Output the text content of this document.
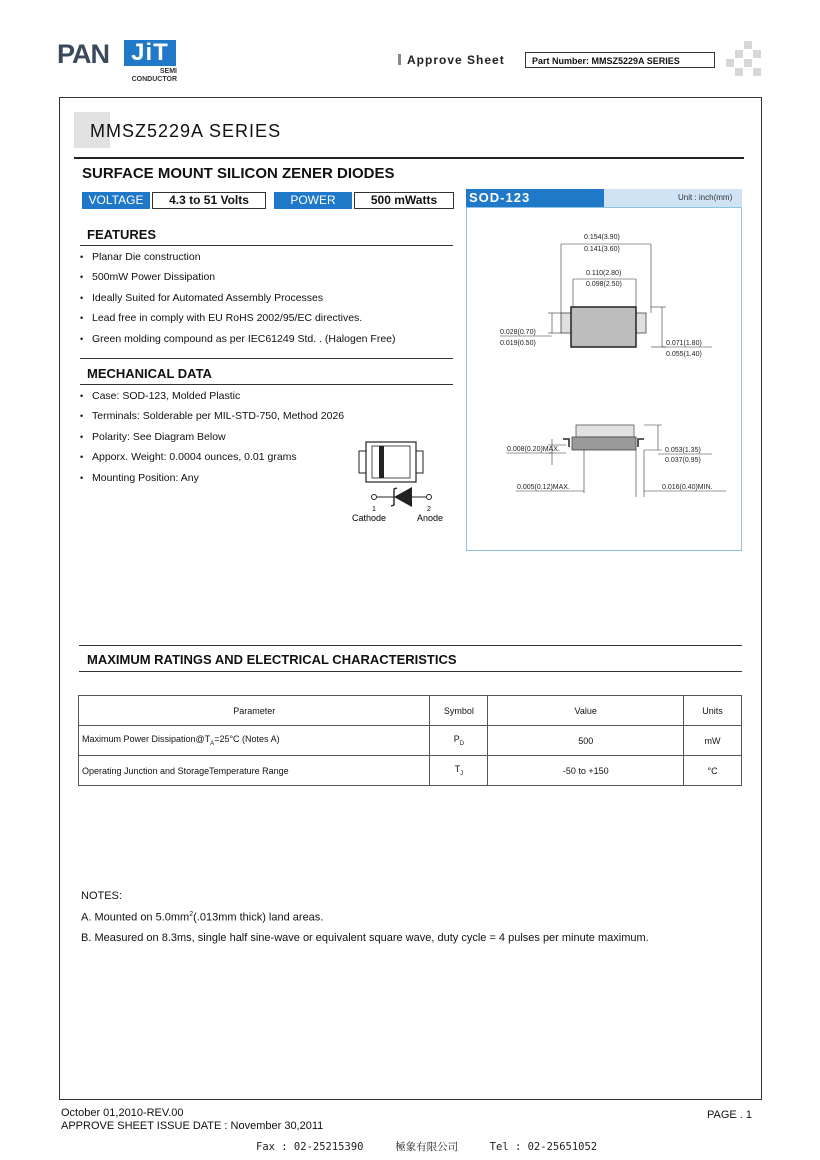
PAN JiT
SEMI
CONDUCTOR
Approve Sheet	Part Number: MMSZ5229A SERIES
MMSZ5229A SERIES
SURFACE MOUNT SILICON ZENER DIODES
VOLTAGE	4.3 to 51 Volts	POWER	500 mWatts
FEATURES
• Planar Die construction
• 500mW Power Dissipation
• Ideally Suited for Automated Assembly Processes
• Lead free in comply with EU RoHS 2002/95/EC directives.
• Green molding compound as per IEC61249 Std. . (Halogen Free)
MECHANICAL DATA
• Case: SOD-123, Molded Plastic
• Terminals: Solderable per MIL-STD-750, Method 2026
• Polarity: See Diagram Below
• Apporx. Weight: 0.0004 ounces, 0.01 grams
• Mounting Position: Any
1	2
Cathode	Anode
SOD-123	Unit : inch(mm)
0.154(3.90)
0.141(3.60)
0.110(2.80)
0.098(2.50)
0.028(0.70)
0.019(0.50)	0.071(1.80)
0.055(1.40)
0.008(0.20)MAX.	0.053(1.35)
0.037(0.95)
0.005(0.12)MAX.	0.016(0.40)MIN.
MAXIMUM RATINGS AND ELECTRICAL CHARACTERISTICS
Parameter	Symbol	Value	Units
Maximum Power $Dissipation@T_A=25^\circ C$ (Notes A)	$P_D$	500	mW
Operating Junction and StorageTemperature Range	$T_J$	-50 to +150	°C
NOTES:
A. Mounted on $5.0mm^2(.013mm$ thick) land areas.
B. Measured on 8.3ms, single half sine-wave or equivalent square wave, duty cycle = 4 pulses per minute maximum.
October 01,2010-REV.00
APPROVE SHEET ISSUE DATE : November 30,2011
PAGE . 1
Fax : 02-25215390     極象有限公司     Tel : 02-25651052
